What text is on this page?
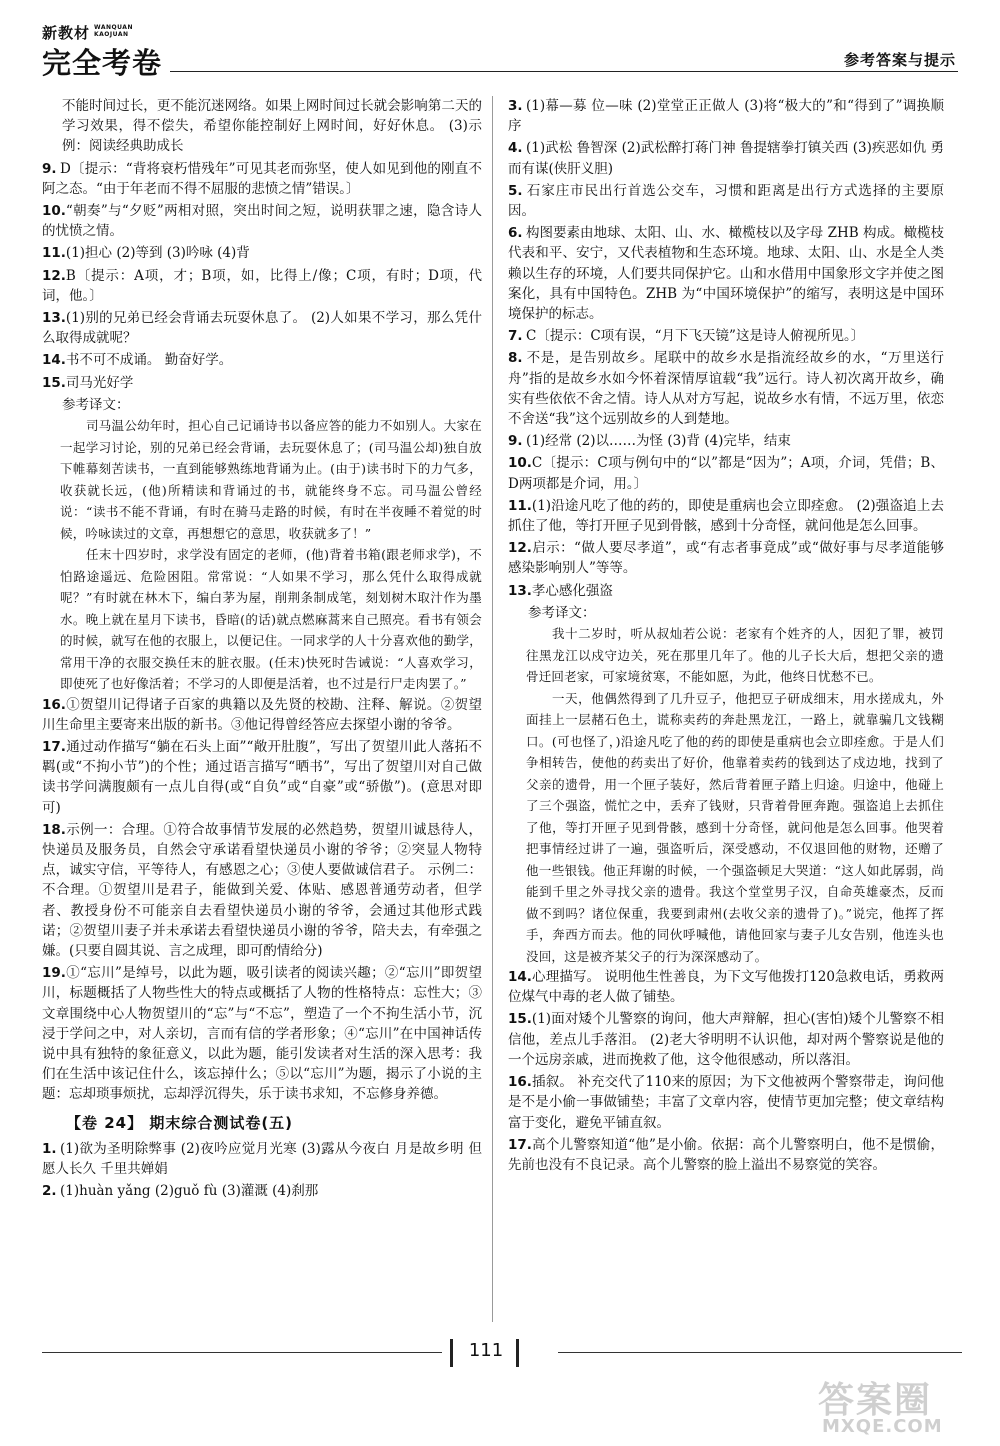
新教材 WANQUAN KAOJUAN
完全考卷	参考答案与提示
不能时间过长，更不能沉迷网络。如果上网时间过长就会影响第二天的学习效果，得不偿失，希望你能控制好上网时间，好好休息。 (3)示例：阅读经典助成长
9. D〔提示：“背将衰朽惜残年”可见其老而弥坚，使人如见到他的刚直不阿之态。“由于年老而不得不屈服的悲愤之情”错误。〕
10.“朝奏”与“夕贬”两相对照，突出时间之短，说明获罪之速，隐含诗人的忧愤之情。
11.(1)担心 (2)等到 (3)吟咏 (4)背
12.B〔提示：A项，才；B项，如，比得上/像；C项，有时；D项，代词，他。〕
13.(1)别的兄弟已经会背诵去玩耍休息了。 (2)人如果不学习，那么凭什么取得成就呢？
14.书不可不成诵。 勤奋好学。
15.司马光好学
参考译文：

司马温公幼年时，担心自己记诵诗书以备应答的能力不如别人。大家在一起学习讨论，别的兄弟已经会背诵，去玩耍休息了；(司马温公却)独自放下帷幕刻苦读书，一直到能够熟练地背诵为止。(由于)读书时下的力气多，收获就长远，(他)所精读和背诵过的书，就能终身不忘。司马温公曾经说：“读书不能不背诵，有时在骑马走路的时候，有时在半夜睡不着觉的时候，吟咏读过的文章，再想想它的意思，收获就多了！”

任末十四岁时，求学没有固定的老师，(他)背着书箱(跟老师求学)，不怕路途遥远、危险困阻。常常说：“人如果不学习，那么凭什么取得成就呢？”有时就在林木下，编白茅为屋，削荆条制成笔，刻划树木取汁作为墨水。晚上就在星月下读书，昏暗(的话)就点燃麻蒿来自己照亮。看书有领会的时候，就写在他的衣服上，以便记住。一同求学的人十分喜欢他的勤学，常用干净的衣服交换任末的脏衣服。(任末)快死时告诫说：“人喜欢学习，即使死了也好像活着；不学习的人即便是活着，也不过是行尸走肉罢了。”

16.①贺望川记得诸子百家的典籍以及先贤的校勘、注释、解说。②贺望川生命里主要寄来出版的新书。③他记得曾经答应去探望小谢的爷爷。
17.通过动作描写“躺在石头上面”“敞开肚腹”，写出了贺望川此人落拓不羁(或“不拘小节”)的个性；通过语言描写“晒书”，写出了贺望川对自己做读书学问满腹颇有一点儿自得(或“自负”或“自豪”或“骄傲”)。(意思对即可)
18.示例一：合理。①符合故事情节发展的必然趋势，贺望川诚恳待人，快递员及服务员，自然会守承诺看望快递员小谢的爷爷；②突显人物特点，诚实守信，平等待人，有感恩之心；③使人要做诚信君子。 示例二：不合理。①贺望川是君子，能做到关爱、体贴、感恩普通劳动者，但学者、教授身份不可能亲自去看望快递员小谢的爷爷，会通过其他形式践诺；②贺望川妻子并未承诺去看望快递员小谢的爷爷，陪夫去，有牵强之嫌。(只要自圆其说、言之成理，即可酌情给分)
19.①“忘川”是绰号，以此为题，吸引读者的阅读兴趣；②“忘川”即贺望川，标题概括了人物些性大的特点或概括了人物的性格特点：忘性大；③文章围绕中心人物贺望川的“忘”与“不忘”，塑造了一个不拘生活小节，沉浸于学问之中，对人亲切，言而有信的学者形象；④“忘川”在中国神话传说中具有独特的象征意义，以此为题，能引发读者对生活的深入思考：我们在生活中该记住什么，该忘掉什么；⑤以“忘川”为题，揭示了小说的主题：忘却琐事烦扰，忘却浮沉得失，乐于读书求知，不忘修身养德。
【卷 24】 期末综合测试卷(五)
1. (1)欲为圣明除弊事 (2)夜吟应觉月光寒 (3)露从今夜白 月是故乡明 但愿人长久 千里共婵娟
2. (1)huàn yǎng (2)guǒ fù (3)灌溉 (4)刹那
3. (1)幕—募 位—味 (2)堂堂正正做人 (3)将“极大的”和“得到了”调换顺序
4. (1)武松 鲁智深 (2)武松醉打蒋门神 鲁提辖拳打镇关西 (3)疾恶如仇 勇而有谋(侠肝义胆)
5. 石家庄市民出行首选公交车，习惯和距离是出行方式选择的主要原因。
6. 构图要素由地球、太阳、山、水、橄榄枝以及字母 ZHB 构成。橄榄枝代表和平、安宁，又代表植物和生态环境。地球、太阳、山、水是全人类赖以生存的环境，人们要共同保护它。山和水借用中国象形文字并使之图案化，具有中国特色。ZHB 为“中国环境保护”的缩写，表明这是中国环境保护的标志。
7. C〔提示：C项有误，“月下飞天镜”这是诗人俯视所见。〕
8. 不是，是告别故乡。尾联中的故乡水是指流经故乡的水，“万里送行舟”指的是故乡水如今怀着深情厚谊载“我”远行。诗人初次离开故乡，确实有些依依不舍之情。诗人从对方写起，说故乡水有情，不远万里，依恋不舍送“我”这个远别故乡的人到楚地。
9. (1)经常 (2)以……为怪 (3)背 (4)完毕，结束
10.C〔提示：C项与例句中的“以”都是“因为”；A项，介词，凭借；B、D两项都是介词，用。〕
11.(1)沿途凡吃了他的药的，即使是重病也会立即痊愈。 (2)强盗追上去抓住了他，等打开匣子见到骨骸，感到十分奇怪，就问他是怎么回事。
12.启示：“做人要尽孝道”，或“有志者事竟成”或“做好事与尽孝道能够感染影响别人”等等。
13.孝心感化强盗
参考译文：

我十二岁时，听从叔灿若公说：老家有个姓齐的人，因犯了罪，被罚往黑龙江以戍守边关，死在那里几年了。他的儿子长大后，想把父亲的遗骨迁回老家，可家境贫寒，不能如愿，为此，他终日忧愁不已。

一天，他偶然得到了几升豆子，他把豆子研成细末，用水搓成丸，外面挂上一层赭石色土，谎称卖药的奔赴黑龙江，一路上，就靠骗几文钱糊口。(可也怪了，)沿途凡吃了他的药的即使是重病也会立即痊愈。于是人们争相转告，使他的药卖出了好价，他靠着卖药的钱到达了戍边地，找到了父亲的遗骨，用一个匣子装好，然后背着匣子踏上归途。归途中，他碰上了三个强盗，慌忙之中，丢弃了钱财，只背着骨匣奔跑。强盗追上去抓住了他，等打开匣子见到骨骸，感到十分奇怪，就问他是怎么回事。他哭着把事情经过讲了一遍，强盗听后，深受感动，不仅退回他的财物，还赠了他一些银钱。他正拜谢的时候，一个强盗顿足大哭道：“这人如此孱弱，尚能到千里之外寻找父亲的遗骨。我这个堂堂男子汉，自命英雄豪杰，反而做不到吗？诸位保重，我要到肃州(去收父亲的遗骨了)。”说完，他挥了挥手，奔西方而去。他的同伙呼喊他，请他回家与妻子儿女告别，他连头也没回，这是被齐某父子的行为深深感动了。

14.心理描写。 说明他生性善良，为下文写他拨打120急救电话，勇救两位煤气中毒的老人做了铺垫。
15.(1)面对矮个儿警察的询问，他大声辩解，担心(害怕)矮个儿警察不相信他，差点儿手落泪。 (2)老大爷明明不认识他，却对两个警察说是他的一个远房亲戚，进而挽救了他，这令他很感动，所以落泪。
16.插叙。 补充交代了110来的原因；为下文他被两个警察带走，询问他是不是小偷一事做铺垫；丰富了文章内容，使情节更加完整；使文章结构富于变化，避免平铺直叙。
17.高个儿警察知道“他”是小偷。依据：高个儿警察明白，他不是惯偷，先前也没有不良记录。高个儿警察的脸上溢出不易察觉的笑容。
111
答案圈
MXQE.COM
